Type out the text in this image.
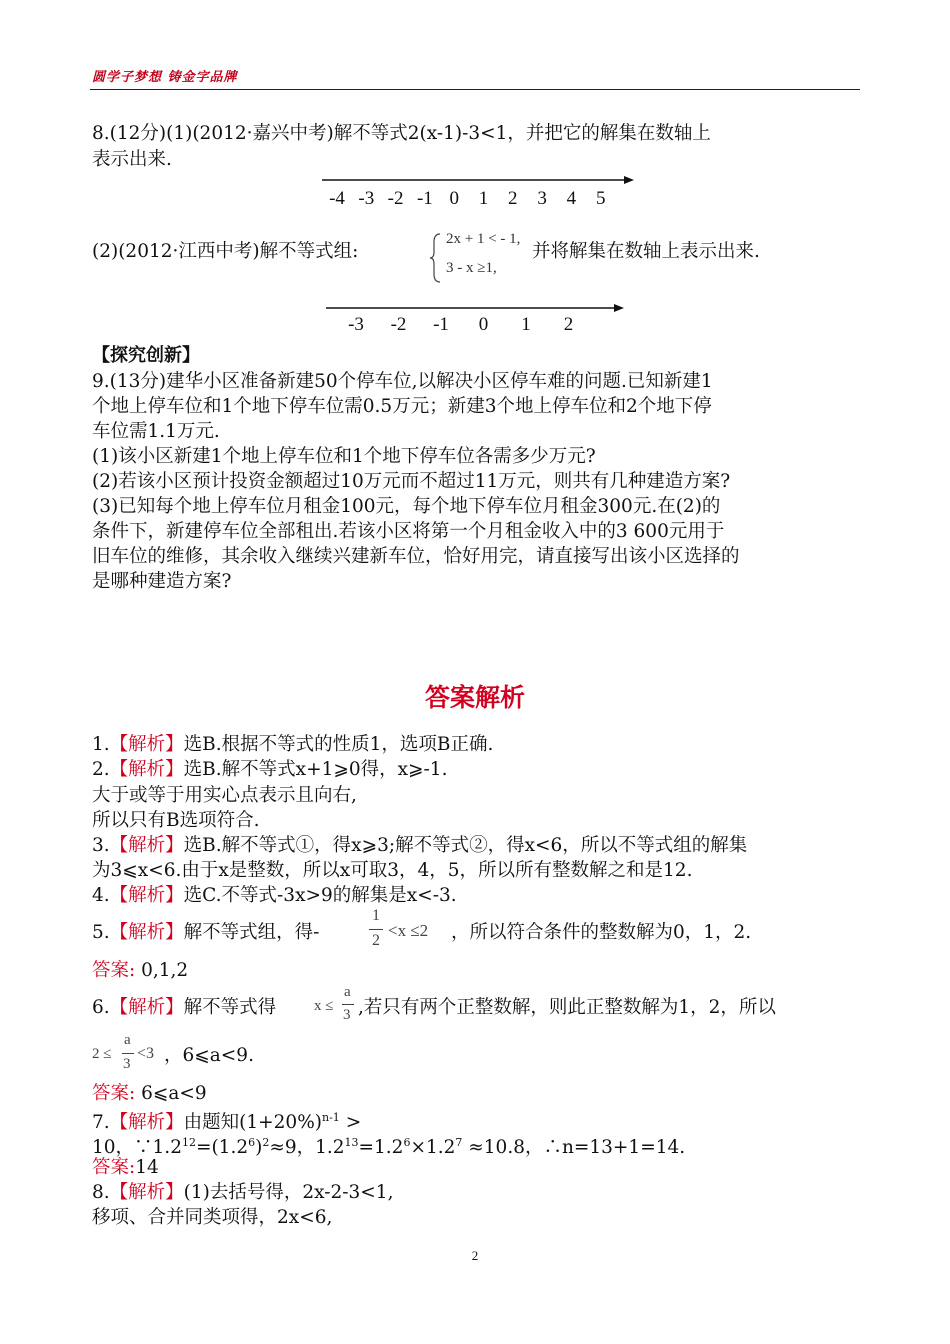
圆学子梦想 铸金字品牌
8.(12分)(1)(2012·嘉兴中考)解不等式2(x-1)-3<1，并把它的解集在数轴上
表示出来.
-4 -3 -2 -1 0 1 2 3 4 5
(2)(2012·江西中考)解不等式组:
2x + 1 < - 1,
3 - x ≥1,
并将解集在数轴上表示出来.
-3 -2 -1 0 1 2
【探究创新】
9.(13分)建华小区准备新建50个停车位,以解决小区停车难的问题.已知新建1
个地上停车位和1个地下停车位需0.5万元；新建3个地上停车位和2个地下停
车位需1.1万元.
(1)该小区新建1个地上停车位和1个地下停车位各需多少万元?
(2)若该小区预计投资金额超过10万元而不超过11万元，则共有几种建造方案?
(3)已知每个地上停车位月租金100元，每个地下停车位月租金300元.在(2)的
条件下，新建停车位全部租出.若该小区将第一个月租金收入中的3 600元用于
旧车位的维修，其余收入继续兴建新车位，恰好用完，请直接写出该小区选择的
是哪种建造方案?
答案解析
1.【解析】选B.根据不等式的性质1，选项B正确.
2.【解析】选B.解不等式x+1⩾0得，x⩾-1.
大于或等于用实心点表示且向右,
所以只有B选项符合.
3.【解析】选B.解不等式①，得x⩾3;解不等式②，得x<6，所以不等式组的解集
为3⩽x<6.由于x是整数，所以x可取3，4，5，所以所有整数解之和是12.
4.【解析】选C.不等式-3x>9的解集是x<-3.
5.【解析】解不等式组，得-
1
2
<x ≤2 ，所以符合条件的整数解为0，1，2.
答案: 0,1,2
6.【解析】解不等式得	x ≤
a
3 ,若只有两个正整数解，则此正整数解为1，2，所以
2 ≤
a
3
<3 ，6⩽a<9.
答案: 6⩽a<9
7.【解析】由题知$(1+20\%)^{n-1}$ >
10，$\because 1.2^{12}=(1.2^6)^2\approx 9$，$1.2^{13}=1.2^6\times 1.2^7 \approx 10.8$，∴n=13+1=14.
答案:14
8.【解析】(1)去括号得，2x-2-3<1,
移项、合并同类项得，2x<6,
2
